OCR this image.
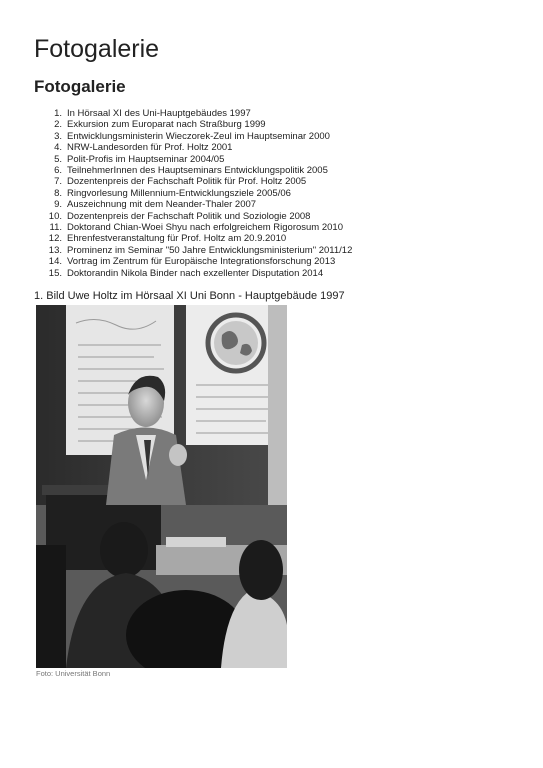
Fotogalerie
Fotogalerie
1. In Hörsaal XI des Uni-Hauptgebäudes 1997
2. Exkursion zum Europarat nach Straßburg 1999
3. Entwicklungsministerin Wieczorek-Zeul im Hauptseminar 2000
4. NRW-Landesorden für Prof. Holtz 2001
5. Polit-Profis im Hauptseminar 2004/05
6. TeilnehmerInnen des Hauptseminars Entwicklungspolitik 2005
7. Dozentenpreis der Fachschaft Politik für Prof. Holtz 2005
8. Ringvorlesung Millennium-Entwicklungsziele 2005/06
9. Auszeichnung mit dem Neander-Thaler 2007
10. Dozentenpreis der Fachschaft Politik und Soziologie 2008
11. Doktorand Chian-Woei Shyu nach erfolgreichem Rigorosum 2010
12. Ehrenfestveranstaltung für Prof. Holtz am 20.9.2010
13. Prominenz im Seminar "50 Jahre Entwicklungsministerium" 2011/12
14. Vortrag im Zentrum für Europäische Integrationsforschung 2013
15. Doktorandin Nikola Binder nach exzellenter Disputation 2014

1. Bild Uwe Holtz im Hörsaal XI Uni Bonn - Hauptgebäude 1997

Foto: Universität Bonn
